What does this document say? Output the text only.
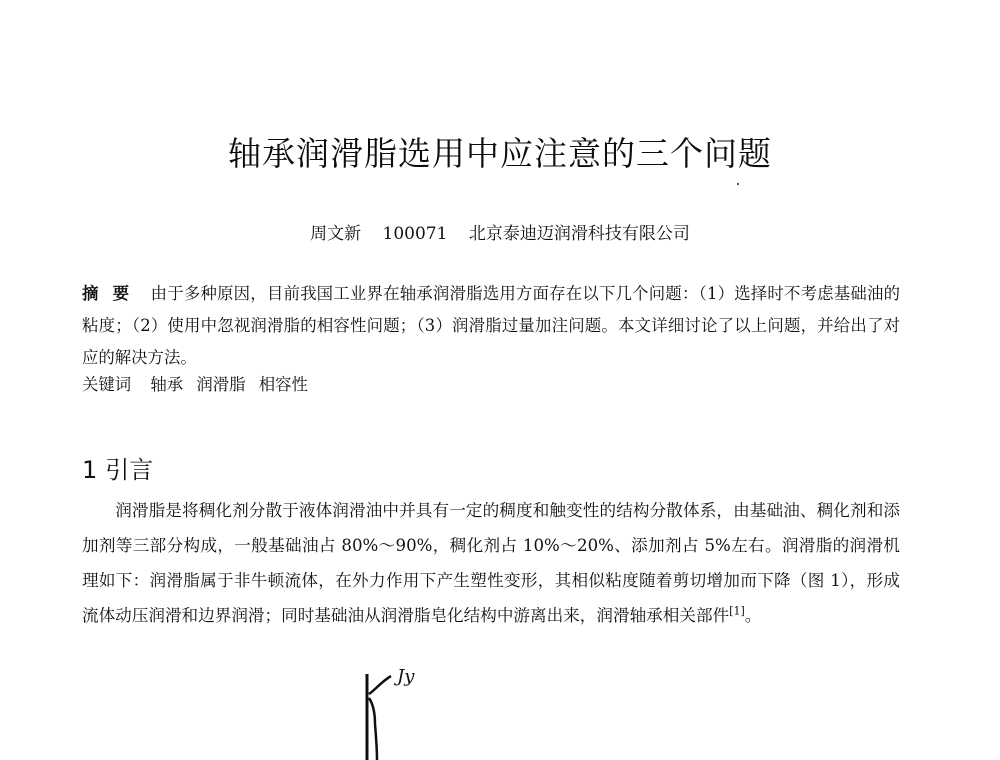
轴承润滑脂选用中应注意的三个问题
周文新 100071 北京泰迪迈润滑科技有限公司
摘要 由于多种原因，目前我国工业界在轴承润滑脂选用方面存在以下几个问题：（1）选择时不考虑基础油的粘度；（2）使用中忽视润滑脂的相容性问题；（3）润滑脂过量加注问题。本文详细讨论了以上问题，并给出了对应的解决方法。
关键词 轴承 润滑脂 相容性
1 引言
润滑脂是将稠化剂分散于液体润滑油中并具有一定的稠度和触变性的结构分散体系，由基础油、稠化剂和添加剂等三部分构成，一般基础油占 80%～90%，稠化剂占 10%～20%、添加剂占 5%左右。润滑脂的润滑机理如下：润滑脂属于非牛顿流体，在外力作用下产生塑性变形，其相似粘度随着剪切增加而下降（图 1），形成流体动压润滑和边界润滑；同时基础油从润滑脂皂化结构中游离出来，润滑轴承相关部件[1]。
Jy
